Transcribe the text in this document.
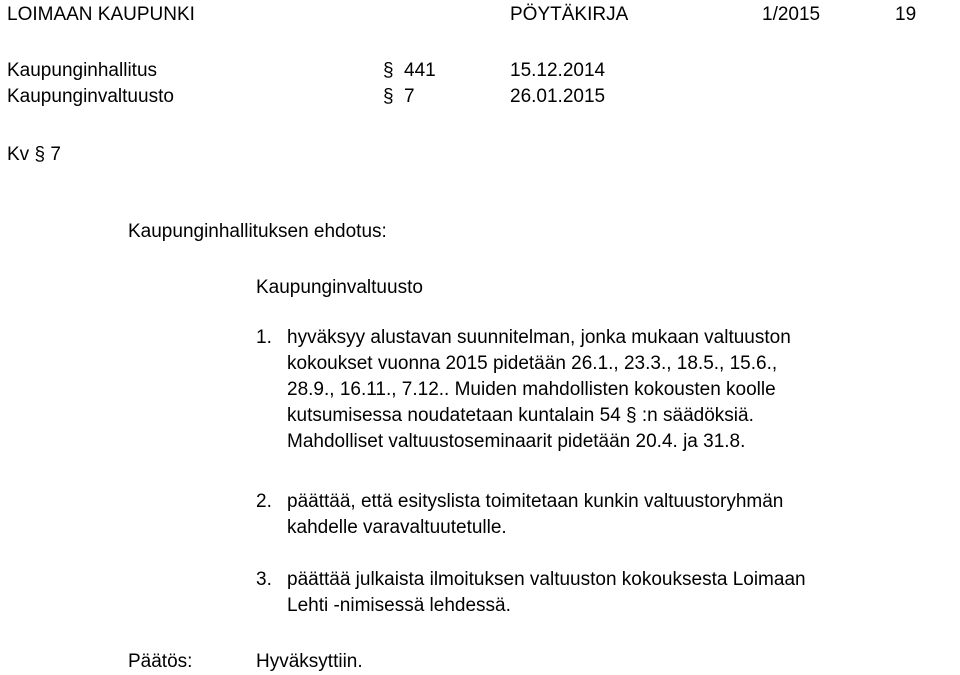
LOIMAAN KAUPUNKI	PÖYTÄKIRJA	1/2015	19
Kaupunginhallitus	§ 441	15.12.2014
Kaupunginvaltuusto	§ 7	26.01.2015
Kv § 7
Kaupunginhallituksen ehdotus:
Kaupunginvaltuusto
1. hyväksyy alustavan suunnitelman, jonka mukaan valtuuston
kokoukset vuonna 2015 pidetään 26.1., 23.3., 18.5., 15.6.,
28.9., 16.11., 7.12.. Muiden mahdollisten kokousten koolle
kutsumisessa noudatetaan kuntalain 54 § :n säädöksiä.
Mahdolliset valtuustoseminaarit pidetään 20.4. ja 31.8.
2. päättää, että esityslista toimitetaan kunkin valtuustoryhmän
kahdelle varavaltuutetulle.
3. päättää julkaista ilmoituksen valtuuston kokouksesta Loimaan
Lehti -nimisessä lehdessä.
Päätös:	Hyväksyttiin.
